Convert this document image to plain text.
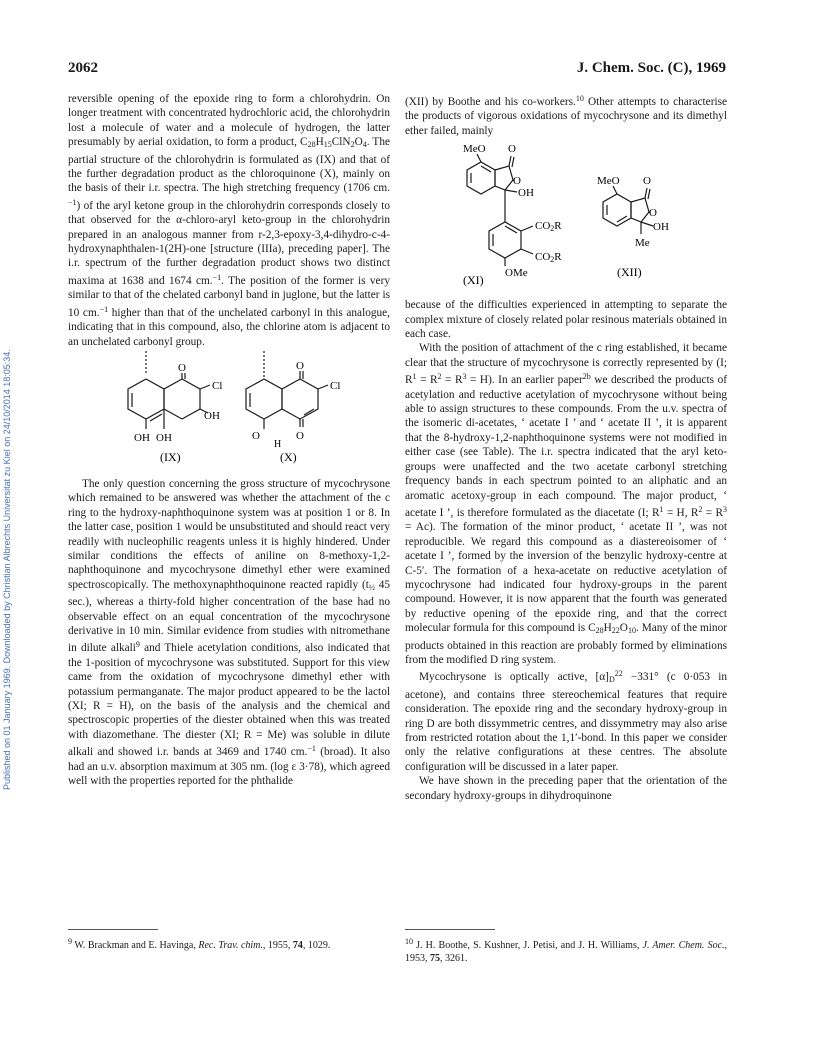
Published on 01 January 1969. Downloaded by Christian Albrechts Universitat zu Kiel on 24/10/2014 18:05:34.
2062	J. Chem. Soc. (C), 1969

reversible opening of the epoxide ring to form a chlorohydrin. On longer treatment with concentrated hydrochloric acid, the chlorohydrin lost a molecule of water and a molecule of hydrogen, the latter presumably by aerial oxidation, to form a product, $C_{28}H_{15}ClN_2O_4$. The partial structure of the chlorohydrin is formulated as (IX) and that of the further degradation product as the chloroquinone (X), mainly on the basis of their i.r. spectra. The high stretching frequency (1706 cm.$^{-1}$) of the aryl ketone group in the chlorohydrin corresponds closely to that observed for the α-chloro-aryl keto-group in the chlorohydrin prepared in an analogous manner from r-2,3-epoxy-3,4-dihydro-c-4-hydroxynaphthalen-1(2H)-one [structure (IIIa), preceding paper]. The i.r. spectrum of the further degradation product shows two distinct maxima at 1638 and 1674 cm.$^{-1}$. The position of the former is very similar to that of the chelated carbonyl band in juglone, but the latter is 10 cm.$^{-1}$ higher than that of the unchelated carbonyl in this analogue, indicating that in this compound, also, the chlorine atom is adjacent to an unchelated carbonyl group.

O
Cl
OH
OH OH
(IX)
O
Cl
O
O
H
(X)

The only question concerning the gross structure of mycochrysone which remained to be answered was whether the attachment of the c ring to the hydroxy-naphthoquinone system was at position 1 or 8. In the latter case, position 1 would be unsubstituted and should react very readily with nucleophilic reagents unless it is highly hindered. Under similar conditions the effects of aniline on 8-methoxy-1,2-naphthoquinone and mycochrysone dimethyl ether were examined spectroscopically. The methoxynaphthoquinone reacted rapidly ($t_{\frac{1}{2}}$ 45 sec.), whereas a thirty-fold higher concentration of the base had no observable effect on an equal concentration of the mycochrysone derivative in 10 min. Similar evidence from studies with nitromethane in dilute alkali$^9$ and Thiele acetylation conditions, also indicated that the 1-position of mycochrysone was substituted. Support for this view came from the oxidation of mycochrysone dimethyl ether with potassium permanganate. The major product appeared to be the lactol (XI; R = H), on the basis of the analysis and the chemical and spectroscopic properties of the diester obtained when this was treated with diazomethane. The diester (XI; R = Me) was soluble in dilute alkali and showed i.r. bands at 3469 and 1740 cm.$^{-1}$ (broad). It also had an u.v. absorption maximum at 305 nm. (log ε 3·78), which agreed well with the properties reported for the phthalide

(XII) by Boothe and his co-workers.$^{10}$ Other attempts to characterise the products of vigorous oxidations of mycochrysone and its dimethyl ether failed, mainly

MeO O
O
OH
CO2R
CO2R
OMe
(XI)
MeO O
O
OH
Me
(XII)

because of the difficulties experienced in attempting to separate the complex mixture of closely related polar resinous materials obtained in each case.

With the position of attachment of the c ring established, it became clear that the structure of mycochrysone is correctly represented by (I; $R^1 = R^2 = R^3 = H$). In an earlier paper$^{2b}$ we described the products of acetylation and reductive acetylation of mycochrysone without being able to assign structures to these compounds. From the u.v. spectra of the isomeric di-acetates, ‘ acetate I ’ and ‘ acetate II ’, it is apparent that the 8-hydroxy-1,2-naphthoquinone systems were not modified in either case (see Table). The i.r. spectra indicated that the aryl keto-groups were unaffected and the two acetate carbonyl stretching frequency bands in each spectrum pointed to an aliphatic and an aromatic acetoxy-group in each compound. The major product, ‘ acetate I ’, is therefore formulated as the diacetate (I; $R^1 = H$, $R^2 = R^3 = Ac$). The formation of the minor product, ‘ acetate II ’, was not reproducible. We regard this compound as a diastereoisomer of ‘ acetate I ’, formed by the inversion of the benzylic hydroxy-centre at C-5′. The formation of a hexa-acetate on reductive acetylation of mycochrysone had indicated four hydroxy-groups in the parent compound. However, it is now apparent that the fourth was generated by reductive opening of the epoxide ring, and that the correct molecular formula for this compound is $C_{28}H_{22}O_{10}$. Many of the minor products obtained in this reaction are probably formed by eliminations from the modified D ring system.

Mycochrysone is optically active, $[\alpha]_D^{22} -331^\circ$ (c 0·053 in acetone), and contains three stereochemical features that require consideration. The epoxide ring and the secondary hydroxy-group in ring D are both dissymmetric centres, and dissymmetry may also arise from restricted rotation about the 1,1′-bond. In this paper we consider only the relative configurations at these centres. The absolute configuration will be discussed in a later paper.

We have shown in the preceding paper that the orientation of the secondary hydroxy-groups in dihydroquinone

$^9$ W. Brackman and E. Havinga, Rec. Trav. chim., 1955, 74, 1029.	$^{10}$ J. H. Boothe, S. Kushner, J. Petisi, and J. H. Williams, J. Amer. Chem. Soc., 1953, 75, 3261.
